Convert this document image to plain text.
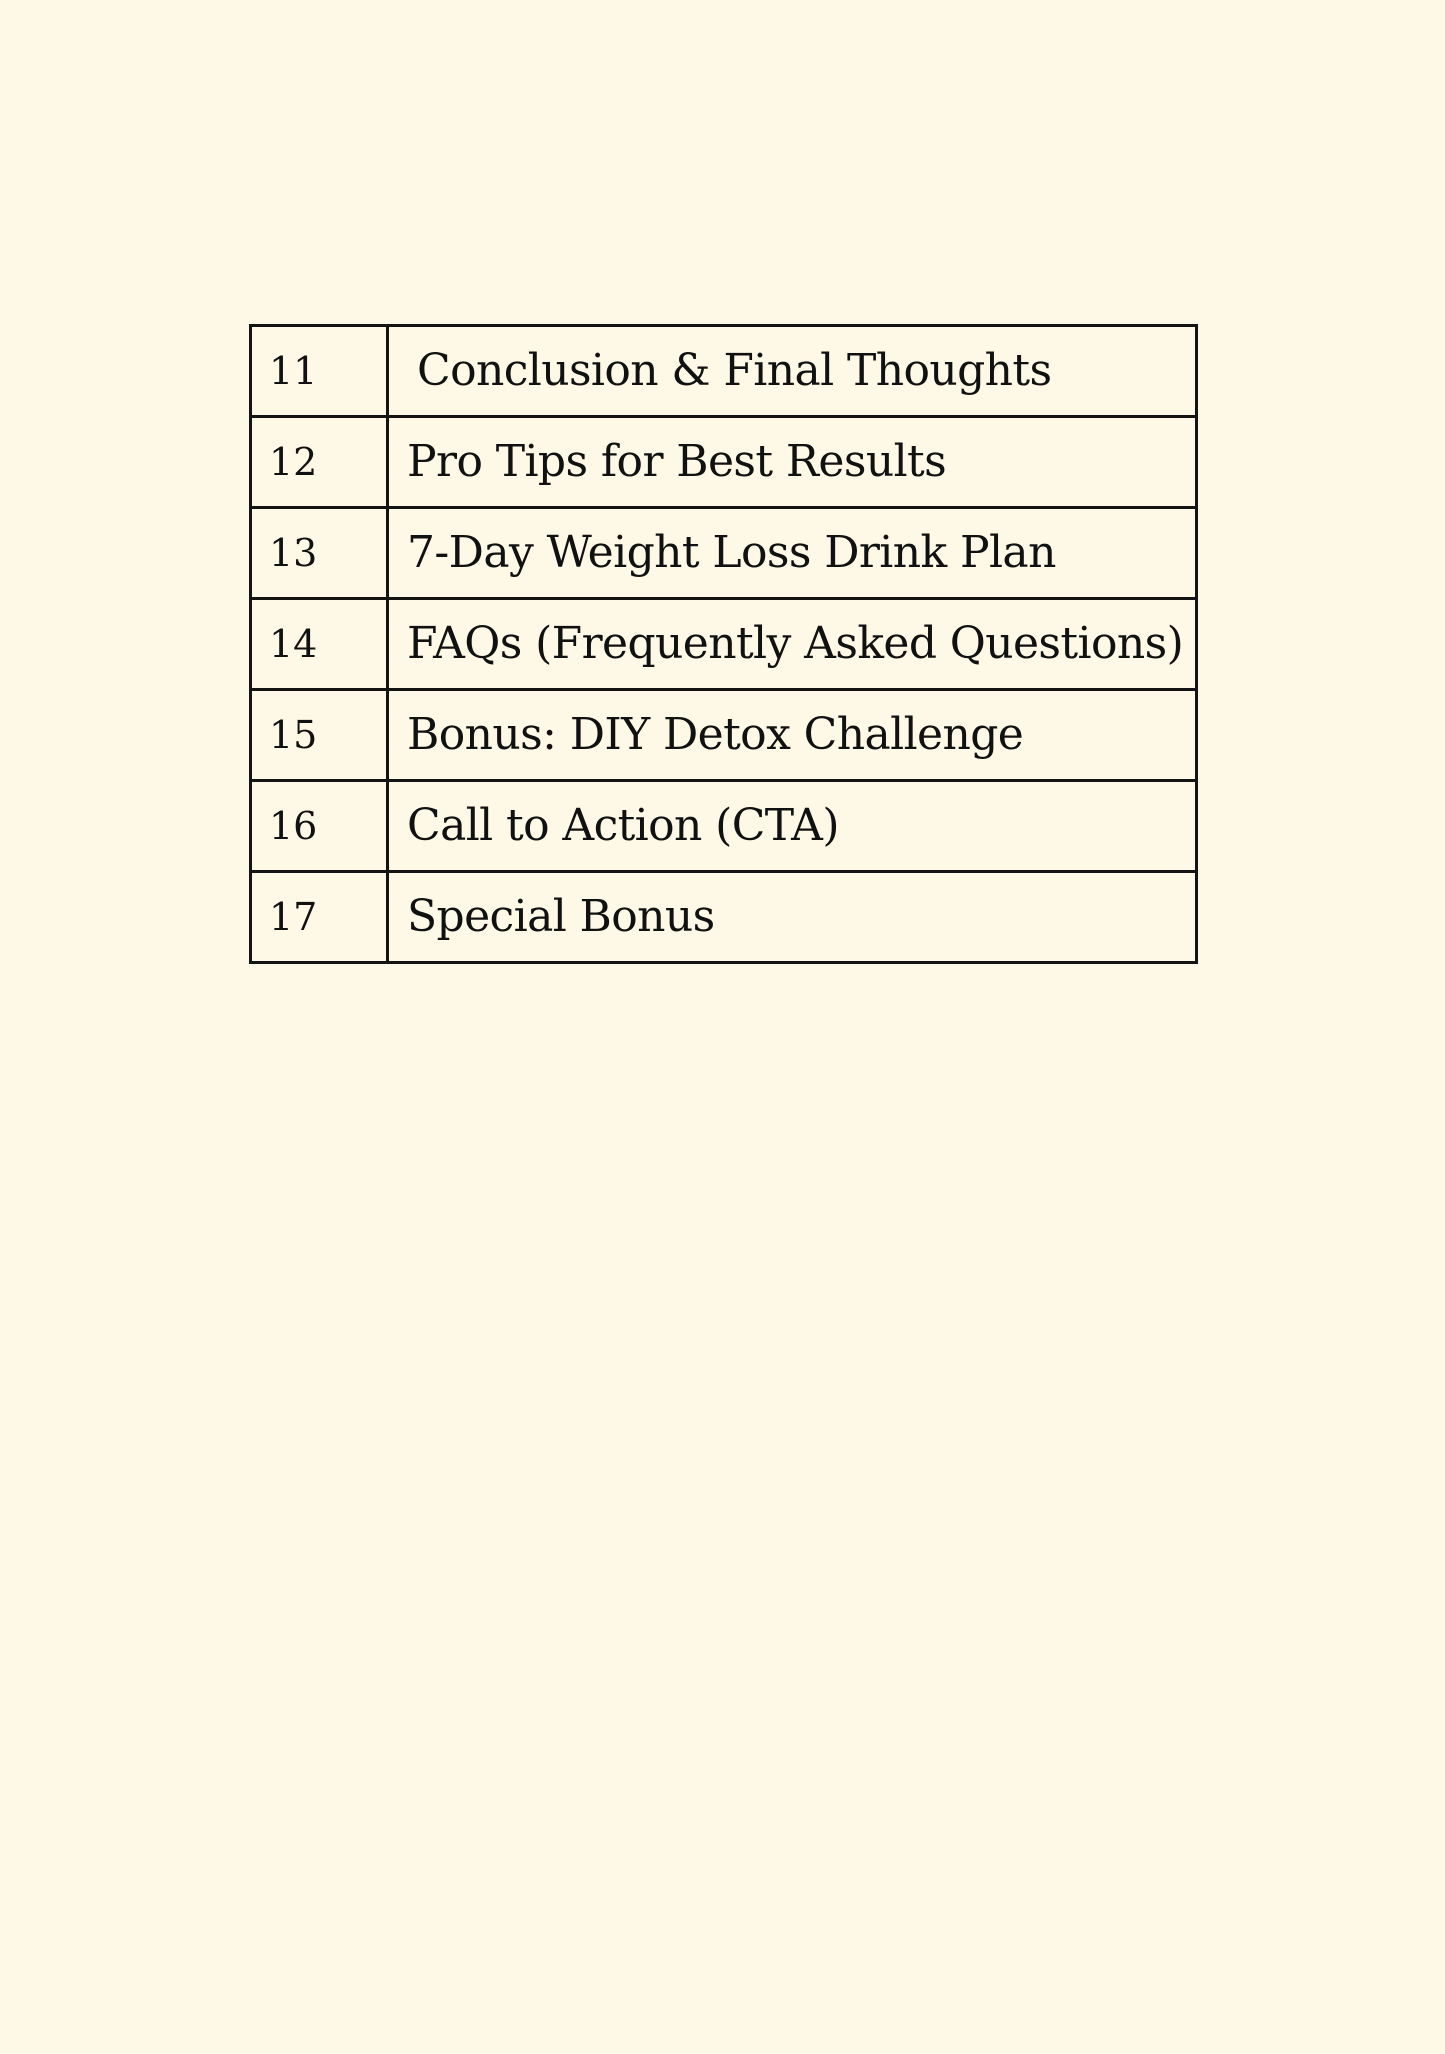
11	Conclusion & Final Thoughts
12	Pro Tips for Best Results
13	7-Day Weight Loss Drink Plan
14	FAQs (Frequently Asked Questions)
15	Bonus: DIY Detox Challenge
16	Call to Action (CTA)
17	Special Bonus
